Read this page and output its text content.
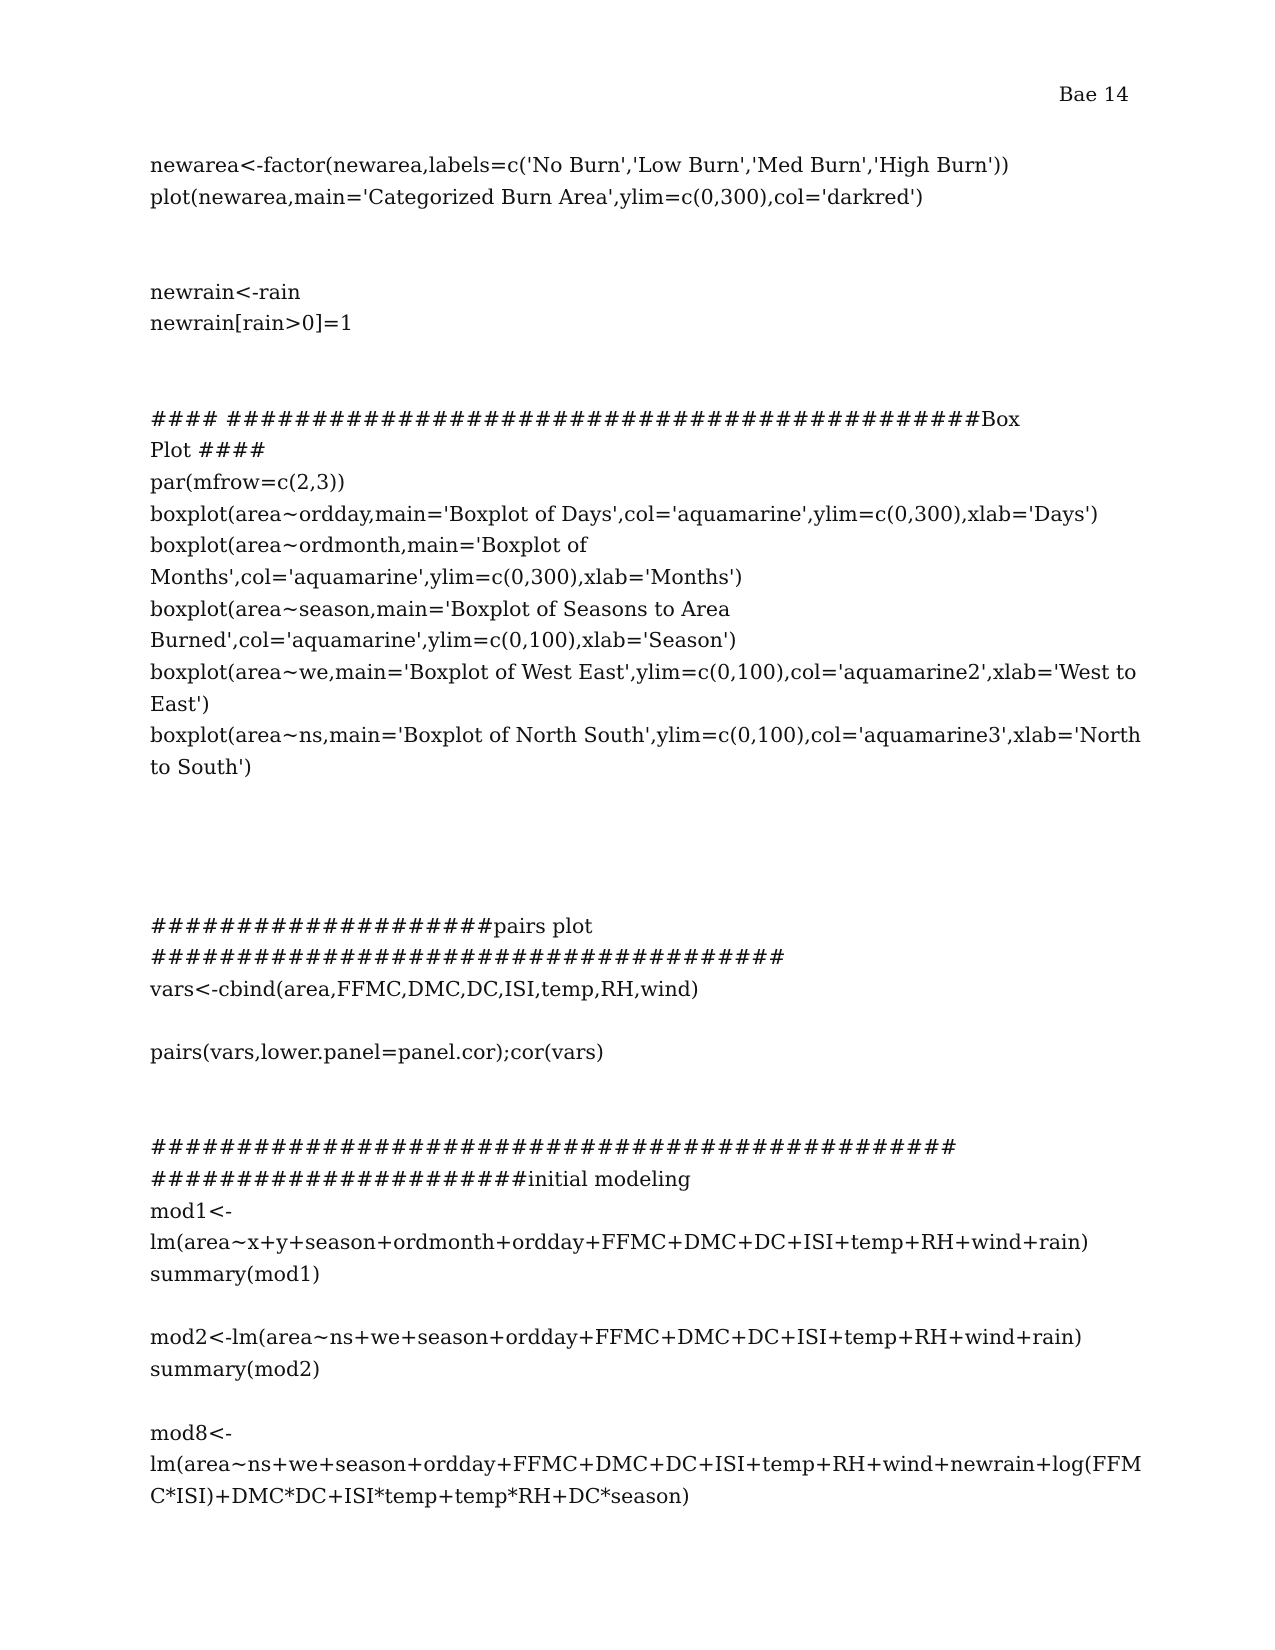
Bae 14
newarea<-factor(newarea,labels=c('No Burn','Low Burn','Med Burn','High Burn'))
plot(newarea,main='Categorized Burn Area',ylim=c(0,300),col='darkred')
newrain<-rain
newrain[rain>0]=1
#### ############################################Box
Plot ####
par(mfrow=c(2,3))
boxplot(area~ordday,main='Boxplot of Days',col='aquamarine',ylim=c(0,300),xlab='Days')
boxplot(area~ordmonth,main='Boxplot of
Months',col='aquamarine',ylim=c(0,300),xlab='Months')
boxplot(area~season,main='Boxplot of Seasons to Area
Burned',col='aquamarine',ylim=c(0,100),xlab='Season')
boxplot(area~we,main='Boxplot of West East',ylim=c(0,100),col='aquamarine2',xlab='West to
East')
boxplot(area~ns,main='Boxplot of North South',ylim=c(0,100),col='aquamarine3',xlab='North
to South')
####################pairs plot
#####################################
vars<-cbind(area,FFMC,DMC,DC,ISI,temp,RH,wind)
pairs(vars,lower.panel=panel.cor);cor(vars)
###############################################
######################initial modeling
mod1<-
lm(area~x+y+season+ordmonth+ordday+FFMC+DMC+DC+ISI+temp+RH+wind+rain)
summary(mod1)
mod2<-lm(area~ns+we+season+ordday+FFMC+DMC+DC+ISI+temp+RH+wind+rain)
summary(mod2)
mod8<-
lm(area~ns+we+season+ordday+FFMC+DMC+DC+ISI+temp+RH+wind+newrain+log(FFM
C*ISI)+DMC*DC+ISI*temp+temp*RH+DC*season)
